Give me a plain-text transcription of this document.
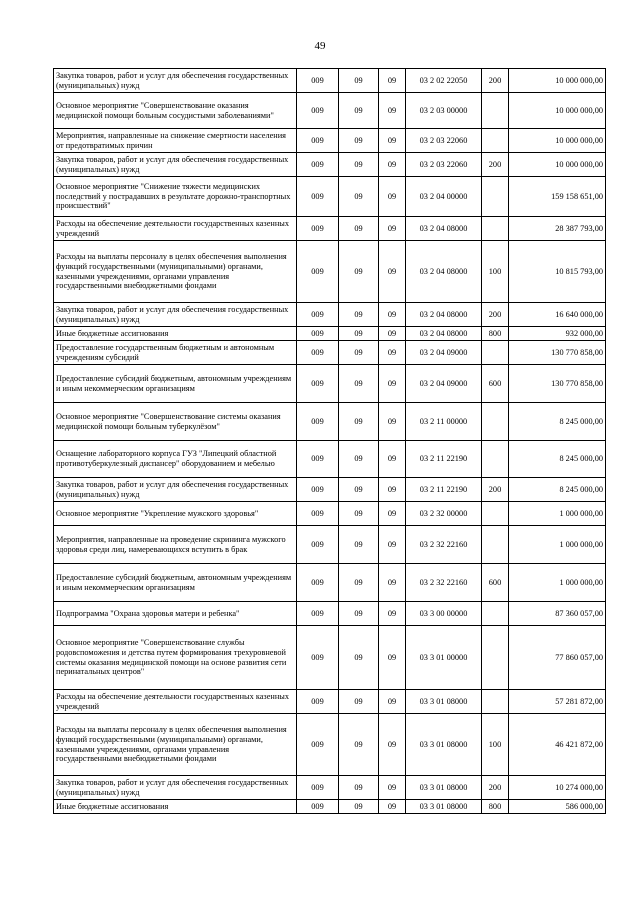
49
Закупка товаров, работ и услуг для обеспечения государственных (муниципальных) нужд	009	09	09	03 2 02 22050	200	10 000 000,00
Основное мероприятие "Совершенствование оказания медицинской помощи больным сосудистыми заболеваниями"	009	09	09	03 2 03 00000		10 000 000,00
Мероприятия, направленные на снижение смертности населения от предотвратимых причин	009	09	09	03 2 03 22060		10 000 000,00
Закупка товаров, работ и услуг для обеспечения государственных (муниципальных) нужд	009	09	09	03 2 03 22060	200	10 000 000,00
Основное мероприятие "Снижение тяжести медицинских последствий у пострадавших в результате дорожно-транспортных происшествий"	009	09	09	03 2 04 00000		159 158 651,00
Расходы на обеспечение деятельности государственных казенных учреждений	009	09	09	03 2 04 08000		28 387 793,00
Расходы на выплаты персоналу в целях обеспечения выполнения функций государственными (муниципальными) органами, казенными учреждениями, органами управления государственными внебюджетными фондами	009	09	09	03 2 04 08000	100	10 815 793,00
Закупка товаров, работ и услуг для обеспечения государственных (муниципальных) нужд	009	09	09	03 2 04 08000	200	16 640 000,00
Иные бюджетные ассигнования	009	09	09	03 2 04 08000	800	932 000,00
Предоставление государственным бюджетным и автономным учреждениям субсидий	009	09	09	03 2 04 09000		130 770 858,00
Предоставление субсидий бюджетным, автономным учреждениям и иным некоммерческим организациям	009	09	09	03 2 04 09000	600	130 770 858,00
Основное мероприятие "Совершенствование системы оказания медицинской помощи больным туберкулёзом"	009	09	09	03 2 11 00000		8 245 000,00
Оснащение лабораторного корпуса ГУЗ "Липецкий областной противотуберкулезный диспансер" оборудованием и мебелью	009	09	09	03 2 11 22190		8 245 000,00
Закупка товаров, работ и услуг для обеспечения государственных (муниципальных) нужд	009	09	09	03 2 11 22190	200	8 245 000,00
Основное мероприятие "Укрепление мужского здоровья"	009	09	09	03 2 32 00000		1 000 000,00
Мероприятия, направленные на проведение скрининга мужского здоровья среди лиц, намеревающихся вступить в брак	009	09	09	03 2 32 22160		1 000 000,00
Предоставление субсидий бюджетным, автономным учреждениям и иным некоммерческим организациям	009	09	09	03 2 32 22160	600	1 000 000,00
Подпрограмма "Охрана здоровья матери и ребенка"	009	09	09	03 3 00 00000		87 360 057,00
Основное мероприятие "Совершенствование службы родовспоможения и детства путем формирования трехуровневой системы оказания медицинской помощи на основе развития сети перинатальных центров"	009	09	09	03 3 01 00000		77 860 057,00
Расходы на обеспечение деятельности государственных казенных учреждений	009	09	09	03 3 01 08000		57 281 872,00
Расходы на выплаты персоналу в целях обеспечения выполнения функций государственными (муниципальными) органами, казенными учреждениями, органами управления государственными внебюджетными фондами	009	09	09	03 3 01 08000	100	46 421 872,00
Закупка товаров, работ и услуг для обеспечения государственных (муниципальных) нужд	009	09	09	03 3 01 08000	200	10 274 000,00
Иные бюджетные ассигнования	009	09	09	03 3 01 08000	800	586 000,00
